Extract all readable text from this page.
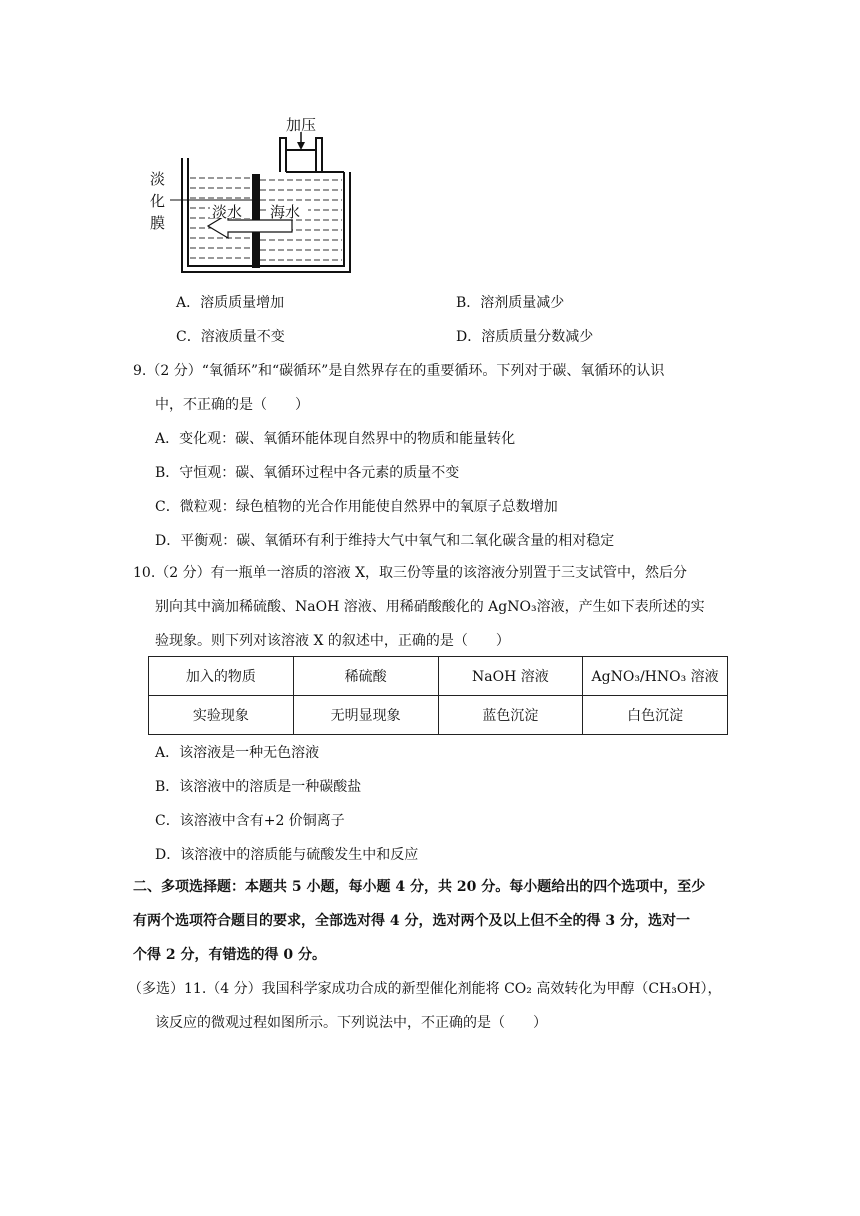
加压
淡
化
膜
淡水 海水
A．溶质质量增加	B．溶剂质量减少
C．溶液质量不变	D．溶质质量分数减少
9.（2 分）“氧循环”和“碳循环”是自然界存在的重要循环。下列对于碳、氧循环的认识
中，不正确的是（　　）
A．变化观：碳、氧循环能体现自然界中的物质和能量转化
B．守恒观：碳、氧循环过程中各元素的质量不变
C．微粒观：绿色植物的光合作用能使自然界中的氧原子总数增加
D．平衡观：碳、氧循环有利于维持大气中氧气和二氧化碳含量的相对稳定
10.（2 分）有一瓶单一溶质的溶液 X，取三份等量的该溶液分别置于三支试管中，然后分
别向其中滴加稀硫酸、NaOH 溶液、用稀硝酸酸化的 AgNO₃溶液，产生如下表所述的实
验现象。则下列对该溶液 X 的叙述中，正确的是（　　）
加入的物质	稀硫酸	NaOH 溶液	AgNO₃/HNO₃ 溶液
实验现象	无明显现象	蓝色沉淀	白色沉淀
A．该溶液是一种无色溶液
B．该溶液中的溶质是一种碳酸盐
C．该溶液中含有+2 价铜离子
D．该溶液中的溶质能与硫酸发生中和反应
二、多项选择题：本题共 5 小题，每小题 4 分，共 20 分。每小题给出的四个选项中，至少
有两个选项符合题目的要求，全部选对得 4 分，选对两个及以上但不全的得 3 分，选对一
个得 2 分，有错选的得 0 分。
（多选）11.（4 分）我国科学家成功合成的新型催化剂能将 CO₂ 高效转化为甲醇（CH₃OH），
该反应的微观过程如图所示。下列说法中，不正确的是（　　）
